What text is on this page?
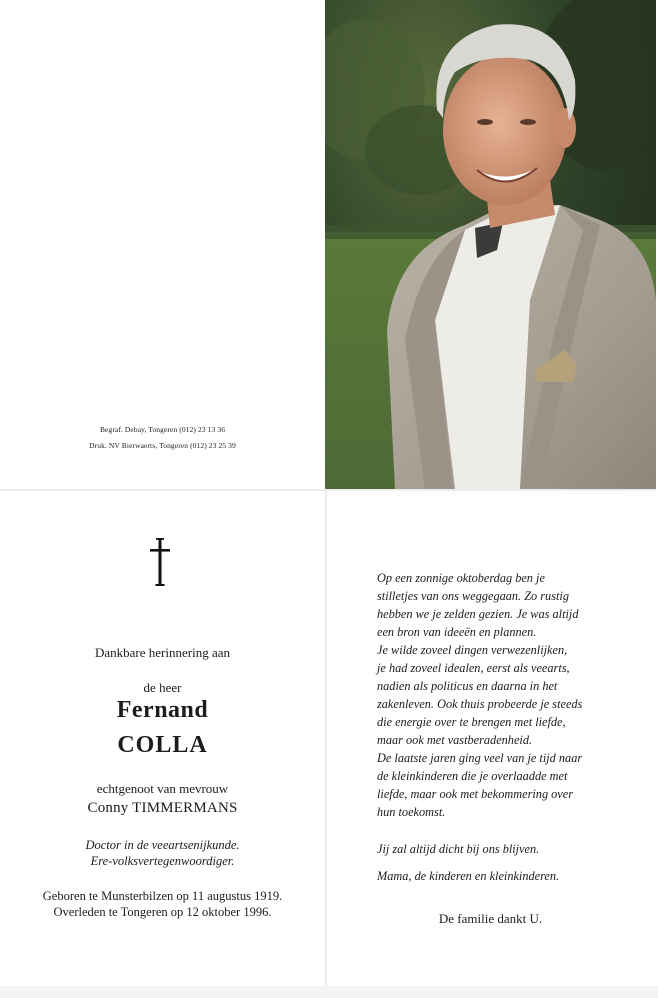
Begraf. Debay, Tongeren (012) 23 13 36
Druk. NV Bierwaerts, Tongeren (012) 23 25 39
Dankbare herinnering aan
de heer
Fernand
COLLA
echtgenoot van mevrouw
Conny TIMMERMANS
Doctor in de veeartsenijkunde.
Ere-volksvertegenwoordiger.
Geboren te Munsterbilzen op 11 augustus 1919.
Overleden te Tongeren op 12 oktober 1996.
Op een zonnige oktoberdag ben je
stilletjes van ons weggegaan. Zo rustig
hebben we je zelden gezien. Je was altijd
een bron van ideeën en plannen.
Je wilde zoveel dingen verwezenlijken,
je had zoveel idealen, eerst als veearts,
nadien als politicus en daarna in het
zakenleven. Ook thuis probeerde je steeds
die energie over te brengen met liefde,
maar ook met vastberadenheid.
De laatste jaren ging veel van je tijd naar
de kleinkinderen die je overlaadde met
liefde, maar ook met bekommering over
hun toekomst.
Jij zal altijd dicht bij ons blijven.
Mama, de kinderen en kleinkinderen.
De familie dankt U.
